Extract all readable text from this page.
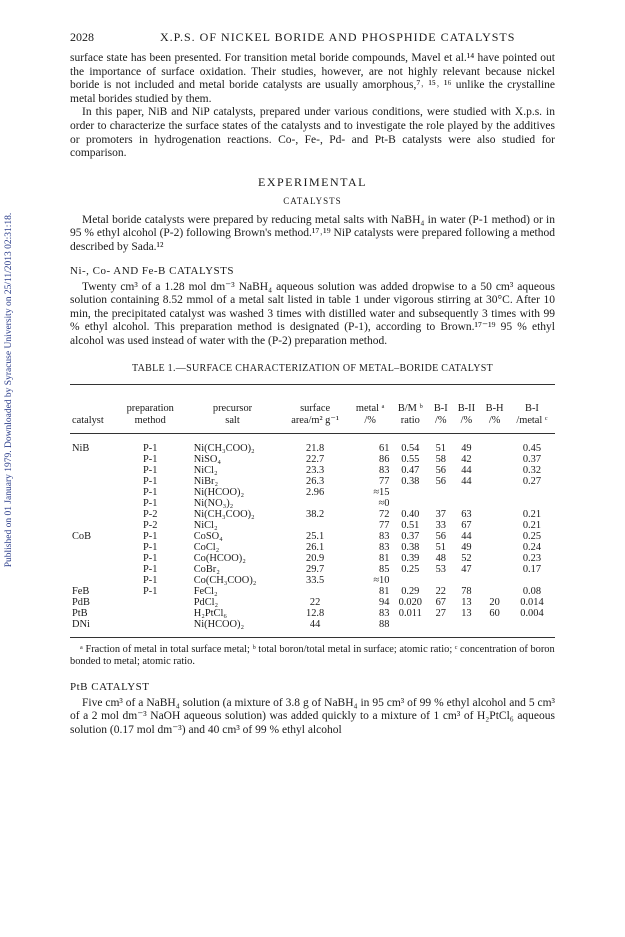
Published on 01 January 1979. Downloaded by Syracuse University on 25/11/2013 02:31:18.
2028	X.P.S. OF NICKEL BORIDE AND PHOSPHIDE CATALYSTS

surface state has been presented. For transition metal boride compounds, Mavel et al.¹⁴ have pointed out the importance of surface oxidation. Their studies, however, are not highly relevant because nickel boride is not included and metal boride catalysts are usually amorphous,⁷˒ ¹⁵˒ ¹⁶ unlike the crystalline metal borides studied by them.

In this paper, NiB and NiP catalysts, prepared under various conditions, were studied with X.p.s. in order to characterize the surface states of the catalysts and to investigate the role played by the additives or promoters in hydrogenation reactions. Co-, Fe-, Pd- and Pt-B catalysts were also studied for comparison.

EXPERIMENTAL
CATALYSTS

Metal boride catalysts were prepared by reducing metal salts with NaBH₄ in water (P-1 method) or in 95 % ethyl alcohol (P-2) following Brown's method.¹⁷˒¹⁹ NiP catalysts were prepared following a method described by Sada.¹²

Ni-, Co- AND Fe-B CATALYSTS

Twenty cm³ of a 1.28 mol dm⁻³ NaBH₄ aqueous solution was added dropwise to a 50 cm³ aqueous solution containing 8.52 mmol of a metal salt listed in table 1 under vigorous stirring at 30°C. After 10 min, the precipitated catalyst was washed 3 times with distilled water and subsequently 3 times with 99 % ethyl alcohol. This preparation method is designated (P-1), according to Brown.¹⁷⁻¹⁹ 95 % ethyl alcohol was used instead of water with the (P-2) preparation method.

TABLE 1.—SURFACE CHARACTERIZATION OF METAL–BORIDE CATALYST
	preparation	precursor	surface	metal ᵃ	B/M ᵇ	B-I	B-II	B-H	B-I
catalyst	method	salt	area/m² g⁻¹	/%	ratio	/%	/%	/%	/metal ᶜ
NiB	P-1	Ni(CH₃COO)₂	21.8	61	0.54	51	49		0.45
	P-1	NiSO₄	22.7	86	0.55	58	42		0.37
	P-1	NiCl₂	23.3	83	0.47	56	44		0.32
	P-1	NiBr₂	26.3	77	0.38	56	44		0.27
	P-1	Ni(HCOO)₂	2.96	≈15					
	P-1	Ni(NO₃)₂		≈0					
	P-2	Ni(CH₃COO)₂	38.2	72	0.40	37	63		0.21
	P-2	NiCl₂		77	0.51	33	67		0.21
CoB	P-1	CoSO₄	25.1	83	0.37	56	44		0.25
	P-1	CoCl₂	26.1	83	0.38	51	49		0.24
	P-1	Co(HCOO)₂	20.9	81	0.39	48	52		0.23
	P-1	CoBr₂	29.7	85	0.25	53	47		0.17
	P-1	Co(CH₃COO)₂	33.5	≈10					
FeB	P-1	FeCl₂		81	0.29	22	78		0.08
PdB		PdCl₂	22	94	0.020	67	13	20	0.014
PtB		H₂PtCl₆	12.8	83	0.011	27	13	60	0.004
DNi		Ni(HCOO)₂	44	88					
ᵃ Fraction of metal in total surface metal; ᵇ total boron/total metal in surface; atomic ratio; ᶜ concentration of boron bonded to metal; atomic ratio.
PtB CATALYST

Five cm³ of a NaBH₄ solution (a mixture of 3.8 g of NaBH₄ in 95 cm³ of 99 % ethyl alcohol and 5 cm³ of a 2 mol dm⁻³ NaOH aqueous solution) was added quickly to a mixture of 1 cm³ of H₂PtCl₆ aqueous solution (0.17 mol dm⁻³) and 40 cm³ of 99 % ethyl alcohol
